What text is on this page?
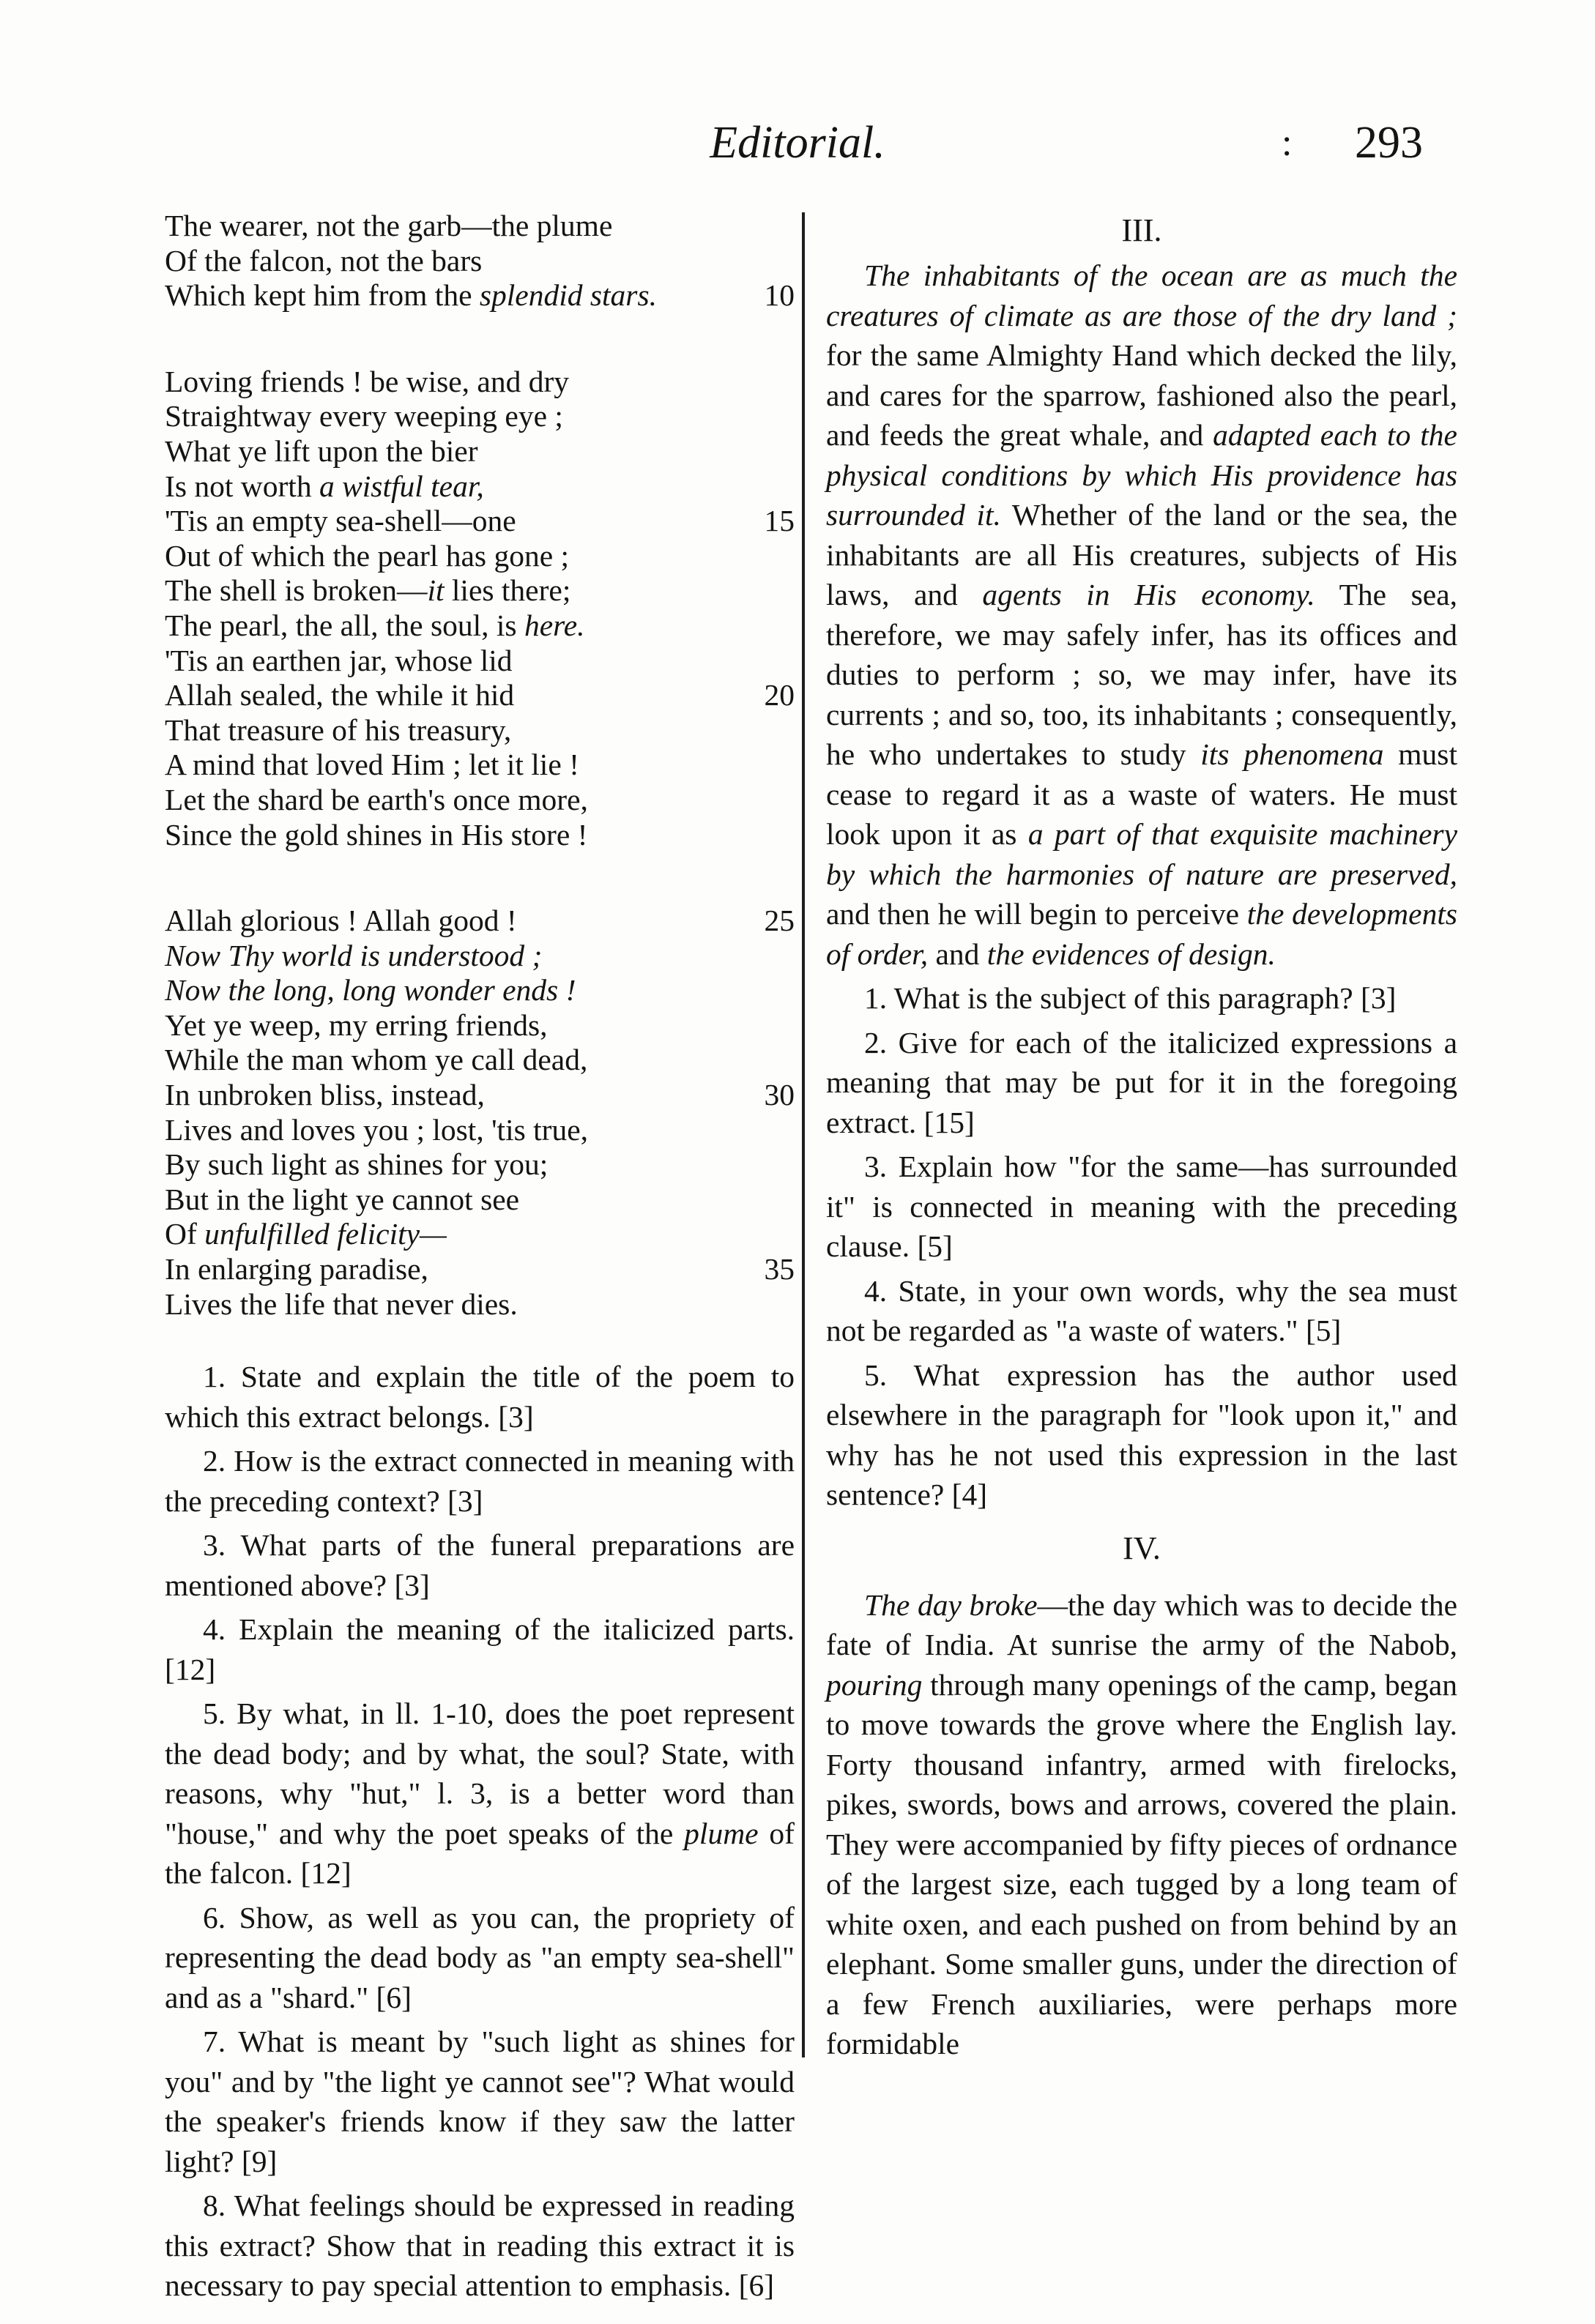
Editorial.	: 293
The wearer, not the garb—the plume
Of the falcon, not the bars
Which kept him from the splendid stars.	10
Loving friends ! be wise, and dry
Straightway every weeping eye ;
What ye lift upon the bier
Is not worth a wistful tear,
'Tis an empty sea-shell—one	15
Out of which the pearl has gone ;
The shell is broken—it lies there;
The pearl, the all, the soul, is here.
'Tis an earthen jar, whose lid
Allah sealed, the while it hid	20
That treasure of his treasury,
A mind that loved Him ; let it lie !
Let the shard be earth's once more,
Since the gold shines in His store !
Allah glorious ! Allah good !	25
Now Thy world is understood ;
Now the long, long wonder ends !
Yet ye weep, my erring friends,
While the man whom ye call dead,
In unbroken bliss, instead,	30
Lives and loves you ; lost, 'tis true,
By such light as shines for you;
But in the light ye cannot see
Of unfulfilled felicity—
In enlarging paradise,	35
Lives the life that never dies.

1. State and explain the title of the poem to which this extract belongs. [3]

2. How is the extract connected in meaning with the preceding context? [3]

3. What parts of the funeral preparations are mentioned above? [3]

4. Explain the meaning of the italicized parts. [12]

5. By what, in ll. 1-10, does the poet represent the dead body; and by what, the soul? State, with reasons, why "hut," l. 3, is a better word than "house," and why the poet speaks of the plume of the falcon. [12]

6. Show, as well as you can, the propriety of representing the dead body as "an empty sea-shell" and as a "shard." [6]

7. What is meant by "such light as shines for you" and by "the light ye cannot see"? What would the speaker's friends know if they saw the latter light? [9]

8. What feelings should be expressed in reading this extract? Show that in reading this extract it is necessary to pay special attention to emphasis. [6]

III.

The inhabitants of the ocean are as much the creatures of climate as are those of the dry land ; for the same Almighty Hand which decked the lily, and cares for the sparrow, fashioned also the pearl, and feeds the great whale, and adapted each to the physical conditions by which His providence has surrounded it. Whether of the land or the sea, the inhabitants are all His creatures, subjects of His laws, and agents in His economy. The sea, therefore, we may safely infer, has its offices and duties to perform ; so, we may infer, have its currents ; and so, too, its inhabitants ; consequently, he who undertakes to study its phenomena must cease to regard it as a waste of waters. He must look upon it as a part of that exquisite machinery by which the harmonies of nature are preserved, and then he will begin to perceive the developments of order, and the evidences of design.

1. What is the subject of this paragraph? [3]

2. Give for each of the italicized expressions a meaning that may be put for it in the foregoing extract. [15]

3. Explain how "for the same—has surrounded it" is connected in meaning with the preceding clause. [5]

4. State, in your own words, why the sea must not be regarded as "a waste of waters." [5]

5. What expression has the author used elsewhere in the paragraph for "look upon it," and why has he not used this expression in the last sentence? [4]

IV.

The day broke—the day which was to decide the fate of India. At sunrise the army of the Nabob, pouring through many openings of the camp, began to move towards the grove where the English lay. Forty thousand infantry, armed with firelocks, pikes, swords, bows and arrows, covered the plain. They were accompanied by fifty pieces of ordnance of the largest size, each tugged by a long team of white oxen, and each pushed on from behind by an elephant. Some smaller guns, under the direction of a few French auxiliaries, were perhaps more formidable
